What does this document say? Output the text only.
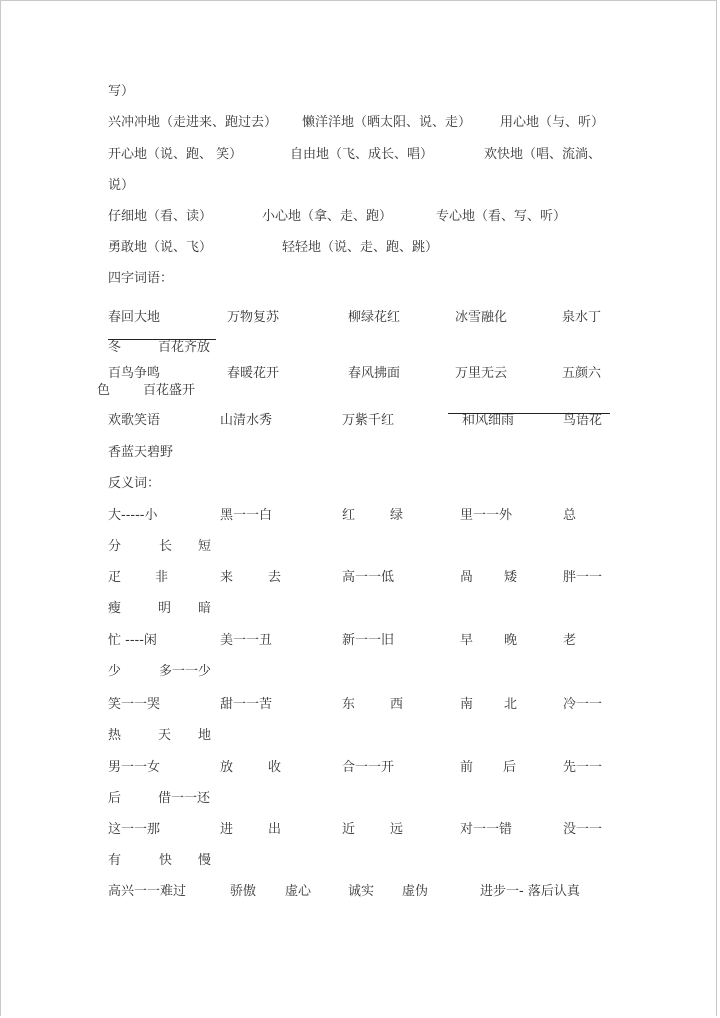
写）
兴冲冲地（走进来、跑过去） 懒洋洋地（晒太阳、说、走） 用心地（与、听）
开心地（说、跑、 笑）	自由地（飞、成长、唱）	欢快地（唱、流淌、
说）
仔细地（看、读）	小心地（拿、走、跑）	专心地（看、写、听）
勇敢地（说、飞）	轻轻地（说、走、跑、跳）
四字词语：
春回大地	万物复苏	柳绿花红	冰雪融化	泉水丁
冬	百花齐放
百鸟争鸣	春暖花开	春风拂面	万里无云	五颜六
色	百花盛开
欢歌笑语	山清水秀	万紫千红	和风细雨	鸟语花
香蓝天碧野
反义词：
大-----小	黑一一白	红	绿	里一一外	总
分	长 短
疋	非	来	去	高一一低	咼 矮	胖一一
瘦	明 暗
忙 ----闲	美一一丑	新一一旧	早 晚	老
少	多一一少
笑一一哭	甜一一苦	东	西	南 北	冷一一
热	天 地
男一一女	放	收	合一一开	前 后	先一一
后	借一一还
这一一那	进	出	近	远	对一一错	没一一
有	快 慢
高兴一一难过	骄傲 虚心	诚实 虚伪	进步一- 落后认真
